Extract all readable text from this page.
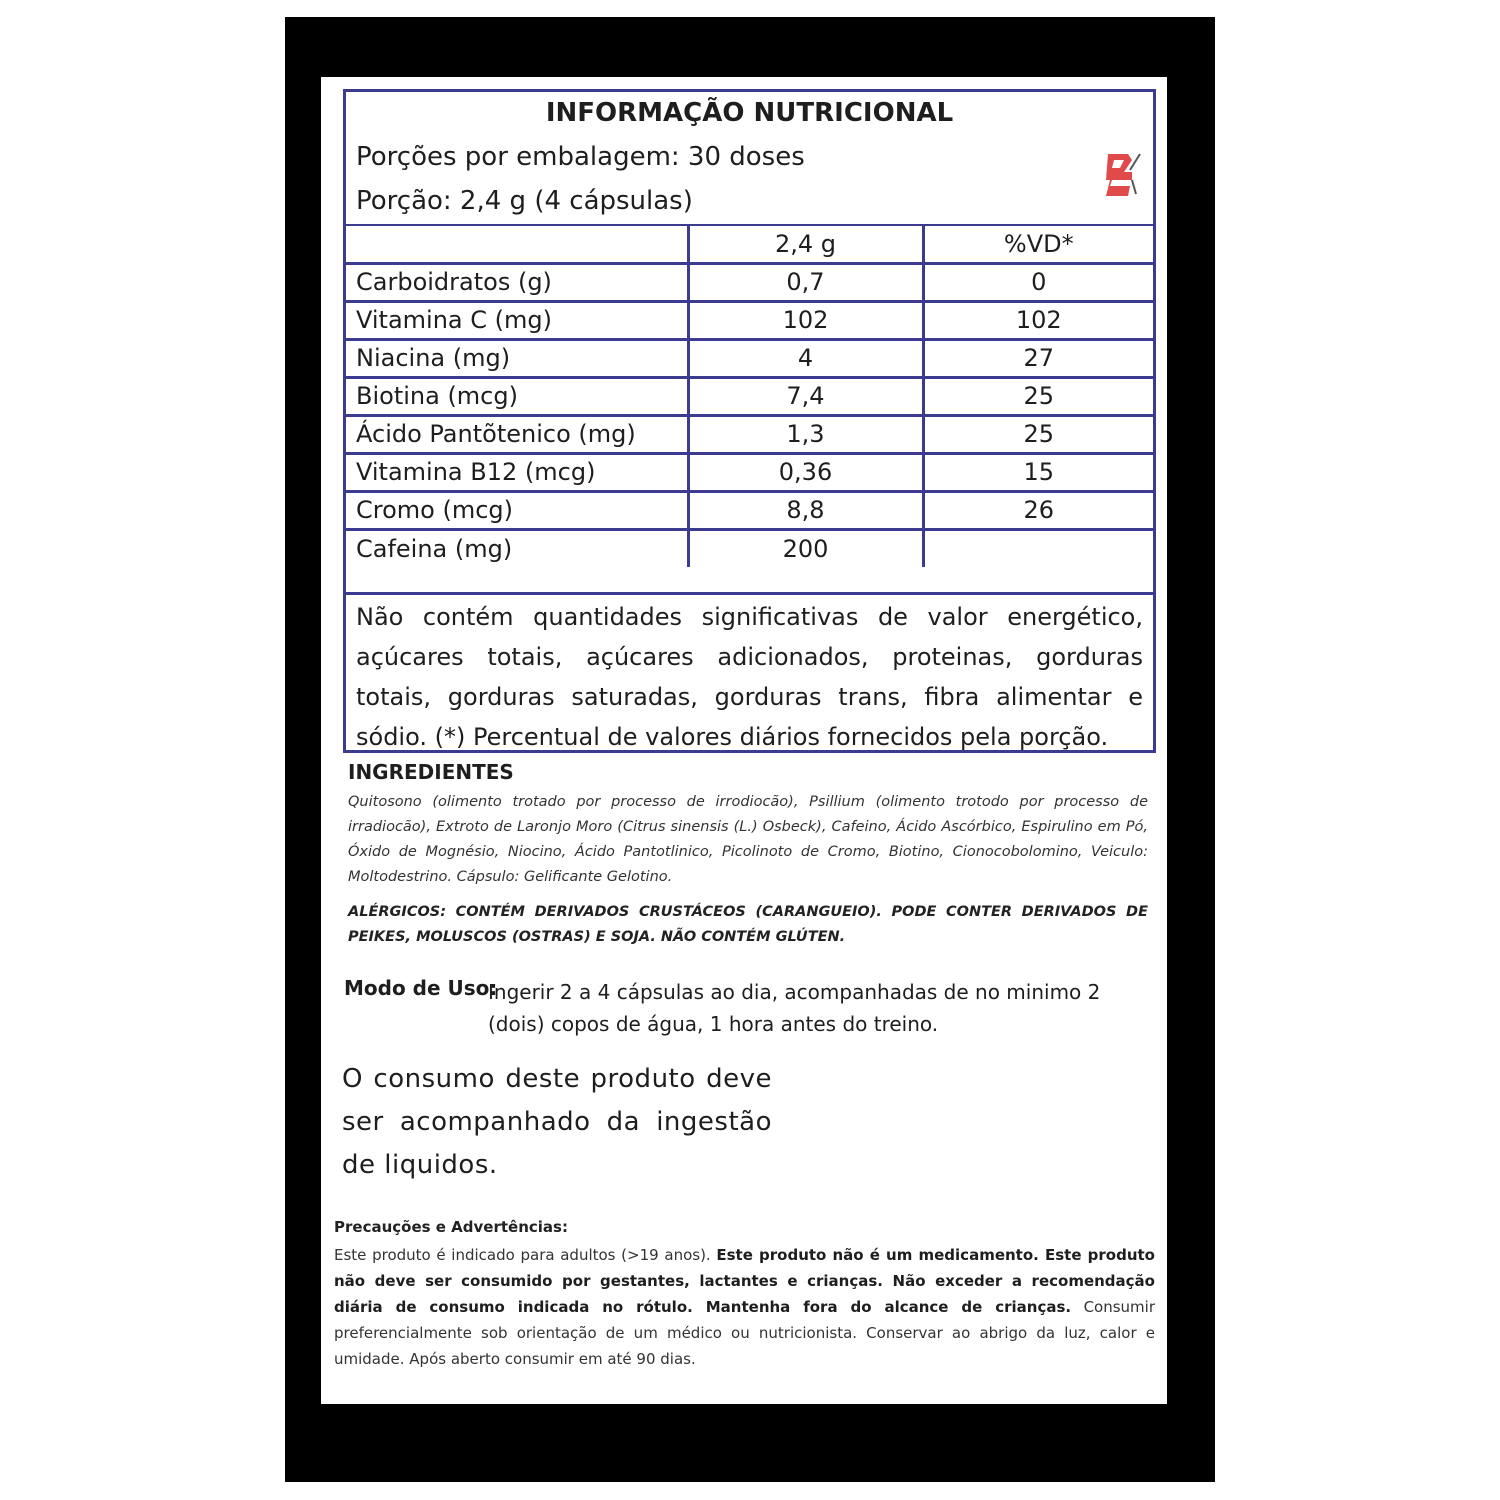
INFORMAÇÃO NUTRICIONAL
Porções por embalagem: 30 doses
Porção: 2,4 g (4 cápsulas)
	2,4 g	%VD*
Carboidratos (g)	0,7	0
Vitamina C (mg)	102	102
Niacina (mg)	4	27
Biotina (mcg)	7,4	25
Ácido Pantõtenico (mg)	1,3	25
Vitamina B12 (mcg)	0,36	15
Cromo (mcg)	8,8	26
Cafeina (mg)	200	
Não contém quantidades significativas de valor energético, açúcares totais, açúcares adicionados, proteinas, gorduras totais, gorduras saturadas, gorduras trans, fibra alimentar e sódio. (*) Percentual de valores diários fornecidos pela porção.
INGREDIENTES
Quitosono (olimento trotado por processo de irrodiocão), Psillium (olimento trotodo por processo de irradiocão), Extroto de Laronjo Moro (Citrus sinensis (L.) Osbeck), Cafeino, Ácido Ascórbico, Espirulino em Pó, Óxido de Mognésio, Niocino, Ácido Pantotlinico, Picolinoto de Cromo, Biotino, Cionocobolomino, Veiculo: Moltodestrino. Cápsulo: Gelificante Gelotino.
ALÉRGICOS: CONTÉM DERIVADOS CRUSTÁCEOS (CARANGUEIO). PODE CONTER DERIVADOS DE PEIKES, MOLUSCOS (OSTRAS) E SOJA. NÃO CONTÉM GLÚTEN.
Modo de Uso:
Ingerir 2 a 4 cápsulas ao dia, acompanhadas de no minimo 2 (dois) copos de água, 1 hora antes do treino.
O consumo deste produto deve ser acompanhado da ingestão de liquidos.
Precauções e Advertências:
Este produto é indicado para adultos (>19 anos). Este produto não é um medicamento. Este produto não deve ser consumido por gestantes, lactantes e crianças. Não exceder a recomendação diária de consumo indicada no rótulo. Mantenha fora do alcance de crianças. Consumir preferencialmente sob orientação de um médico ou nutricionista. Conservar ao abrigo da luz, calor e umidade. Após aberto consumir em até 90 dias.
